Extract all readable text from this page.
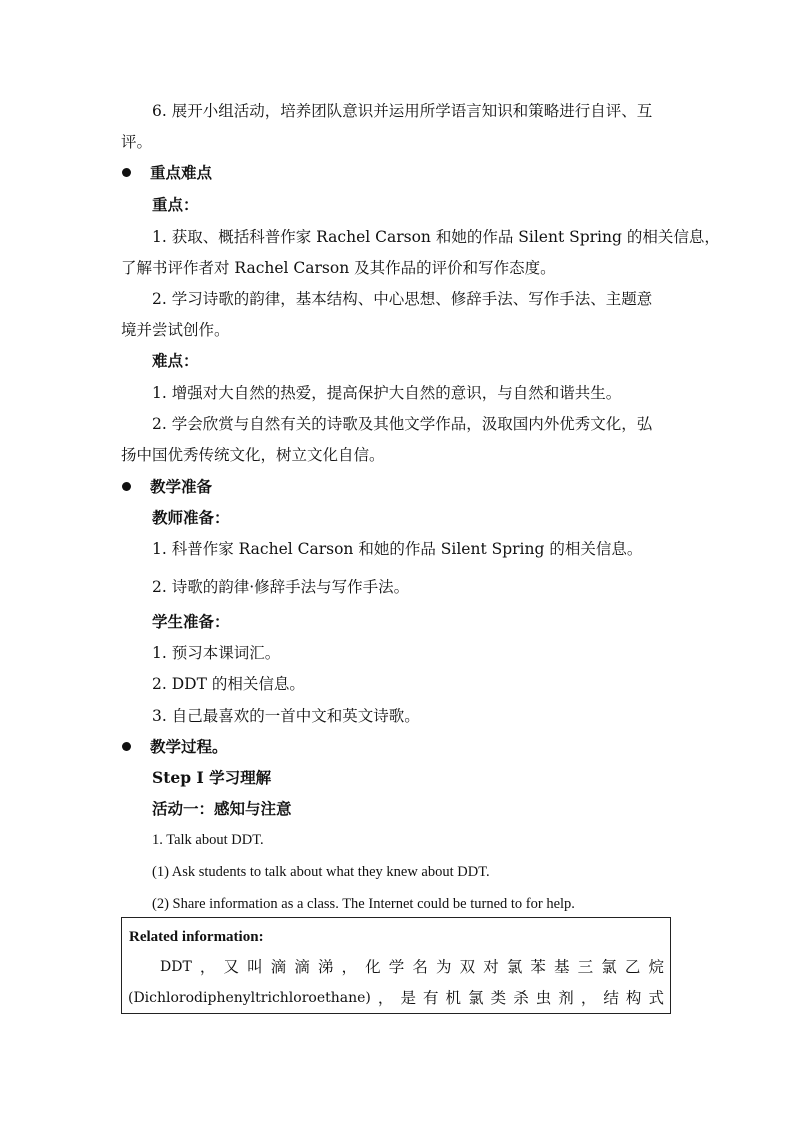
6. 展开小组活动，培养团队意识并运用所学语言知识和策略进行自评、互
评。
重点难点
重点：
1. 获取、概括科普作家 Rachel Carson 和她的作品 Silent Spring 的相关信息，
了解书评作者对 Rachel Carson 及其作品的评价和写作态度。
2. 学习诗歌的韵律，基本结构、中心思想、修辞手法、写作手法、主题意
境并尝试创作。
难点：
1. 增强对大自然的热爱，提高保护大自然的意识，与自然和谐共生。
2. 学会欣赏与自然有关的诗歌及其他文学作品，汲取国内外优秀文化，弘
扬中国优秀传统文化，树立文化自信。
教学准备
教师准备：
1. 科普作家 Rachel Carson 和她的作品 Silent Spring 的相关信息。
2. 诗歌的韵律·修辞手法与写作手法。
学生准备：
1. 预习本课词汇。
2. DDT 的相关信息。
3. 自己最喜欢的一首中文和英文诗歌。
教学过程。
Step I 学习理解
活动一：感知与注意
1. Talk about DDT.
(1) Ask students to talk about what they knew about DDT.
(2) Share information as a class. The Internet could be turned to for help.
Related information:
DDT ， 又 叫 滴 滴 涕 ， 化 学 名 为 双 对 氯 苯 基 三 氯 乙 烷
(Dichlorodiphenyltrichloroethane) ， 是 有 机 氯 类 杀 虫 剂 ， 结 构 式
